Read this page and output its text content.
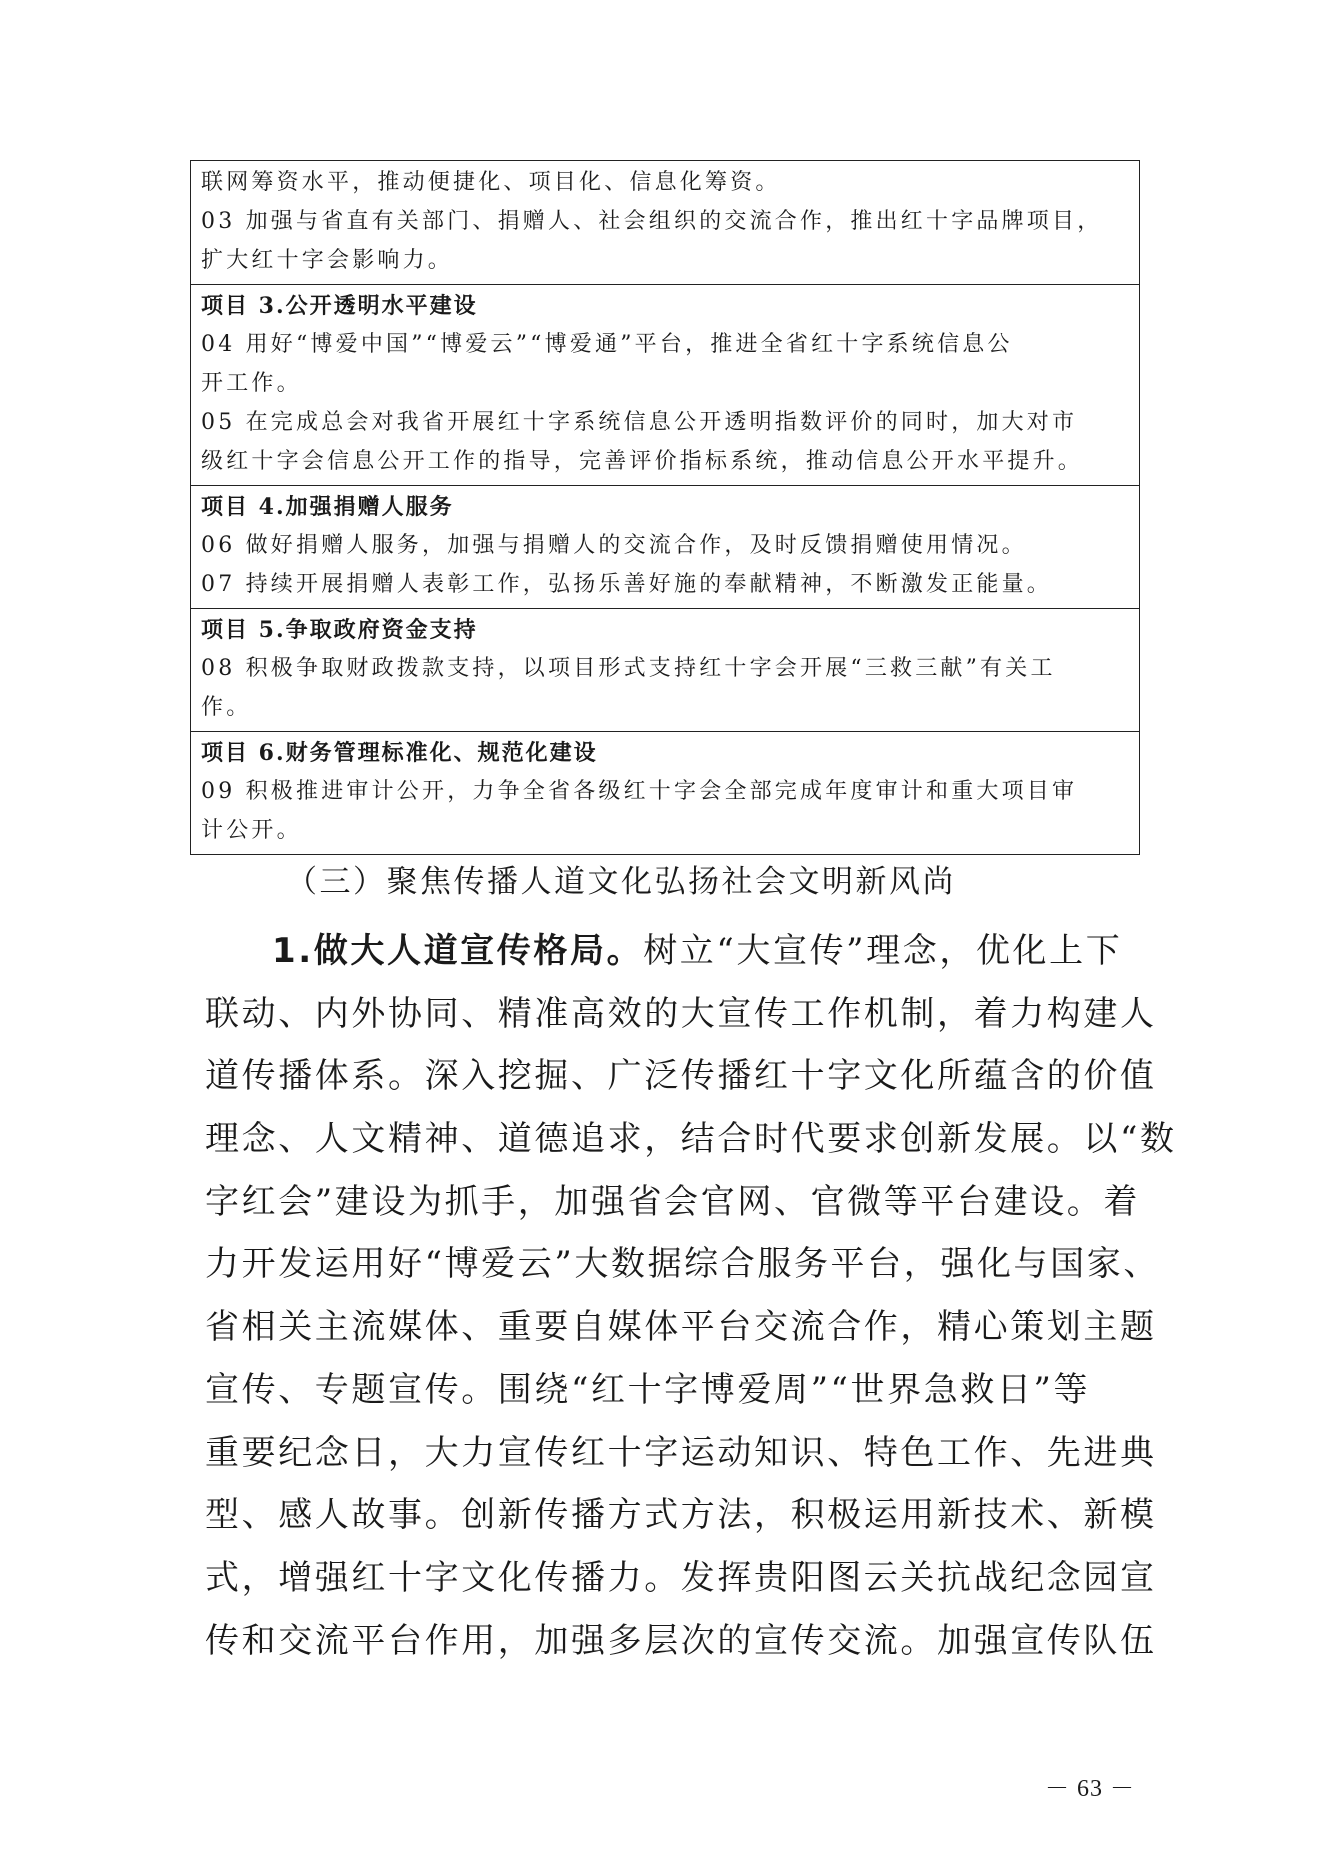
联网筹资水平，推动便捷化、项目化、信息化筹资。
03 加强与省直有关部门、捐赠人、社会组织的交流合作，推出红十字品牌项目，
扩大红十字会影响力。

项目 3.公开透明水平建设
04 用好“博爱中国”“博爱云”“博爱通”平台，推进全省红十字系统信息公
开工作。
05 在完成总会对我省开展红十字系统信息公开透明指数评价的同时，加大对市
级红十字会信息公开工作的指导，完善评价指标系统，推动信息公开水平提升。

项目 4.加强捐赠人服务
06 做好捐赠人服务，加强与捐赠人的交流合作，及时反馈捐赠使用情况。
07 持续开展捐赠人表彰工作，弘扬乐善好施的奉献精神，不断激发正能量。

项目 5.争取政府资金支持
08 积极争取财政拨款支持，以项目形式支持红十字会开展“三救三献”有关工
作。

项目 6.财务管理标准化、规范化建设
09 积极推进审计公开，力争全省各级红十字会全部完成年度审计和重大项目审
计公开。
（三）聚焦传播人道文化弘扬社会文明新风尚
1.做大人道宣传格局。树立“大宣传”理念，优化上下
联动、内外协同、精准高效的大宣传工作机制，着力构建人
道传播体系。深入挖掘、广泛传播红十字文化所蕴含的价值
理念、人文精神、道德追求，结合时代要求创新发展。以“数
字红会”建设为抓手，加强省会官网、官微等平台建设。着
力开发运用好“博爱云”大数据综合服务平台，强化与国家、
省相关主流媒体、重要自媒体平台交流合作，精心策划主题
宣传、专题宣传。围绕“红十字博爱周”“世界急救日”等
重要纪念日，大力宣传红十字运动知识、特色工作、先进典
型、感人故事。创新传播方式方法，积极运用新技术、新模
式，增强红十字文化传播力。发挥贵阳图云关抗战纪念园宣
传和交流平台作用，加强多层次的宣传交流。加强宣传队伍
－ 63 －
